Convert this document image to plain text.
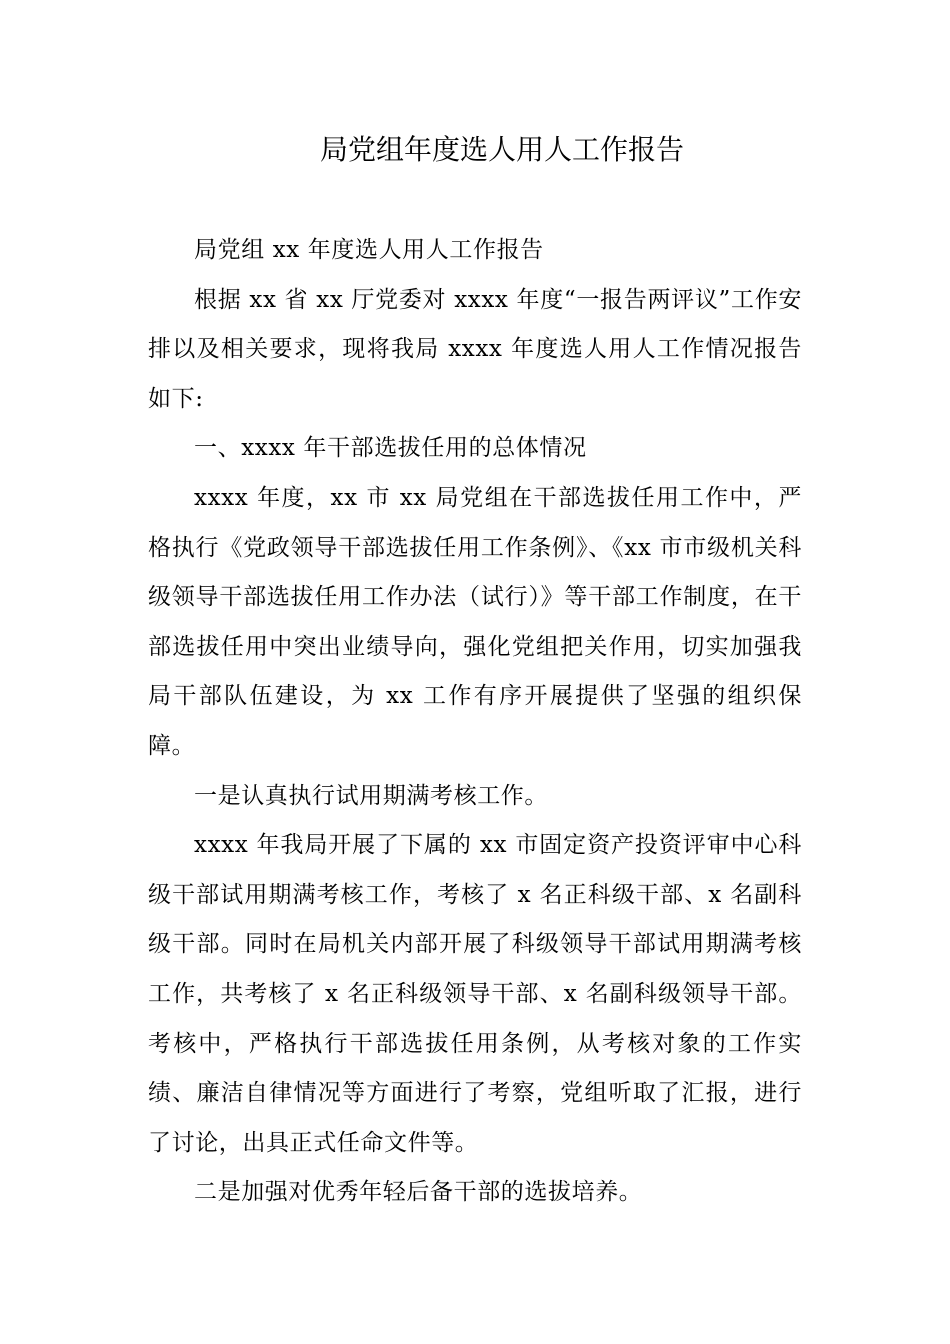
局党组年度选人用人工作报告

局党组 xx 年度选人用人工作报告

根据 xx 省 xx 厅党委对 xxxx 年度“一报告两评议”工作安排以及相关要求，现将我局 xxxx 年度选人用人工作情况报告如下:

一、xxxx 年干部选拔任用的总体情况

xxxx 年度，xx 市 xx 局党组在干部选拔任用工作中，严格执行《党政领导干部选拔任用工作条例》、《xx 市市级机关科级领导干部选拔任用工作办法（试行）》等干部工作制度，在干部选拔任用中突出业绩导向，强化党组把关作用，切实加强我局干部队伍建设，为 xx 工作有序开展提供了坚强的组织保障。

一是认真执行试用期满考核工作。

xxxx 年我局开展了下属的 xx 市固定资产投资评审中心科级干部试用期满考核工作，考核了 x 名正科级干部、x 名副科级干部。同时在局机关内部开展了科级领导干部试用期满考核工作，共考核了 x 名正科级领导干部、x 名副科级领导干部。考核中，严格执行干部选拔任用条例，从考核对象的工作实绩、廉洁自律情况等方面进行了考察，党组听取了汇报，进行了讨论，出具正式任命文件等。

二是加强对优秀年轻后备干部的选拔培养。
